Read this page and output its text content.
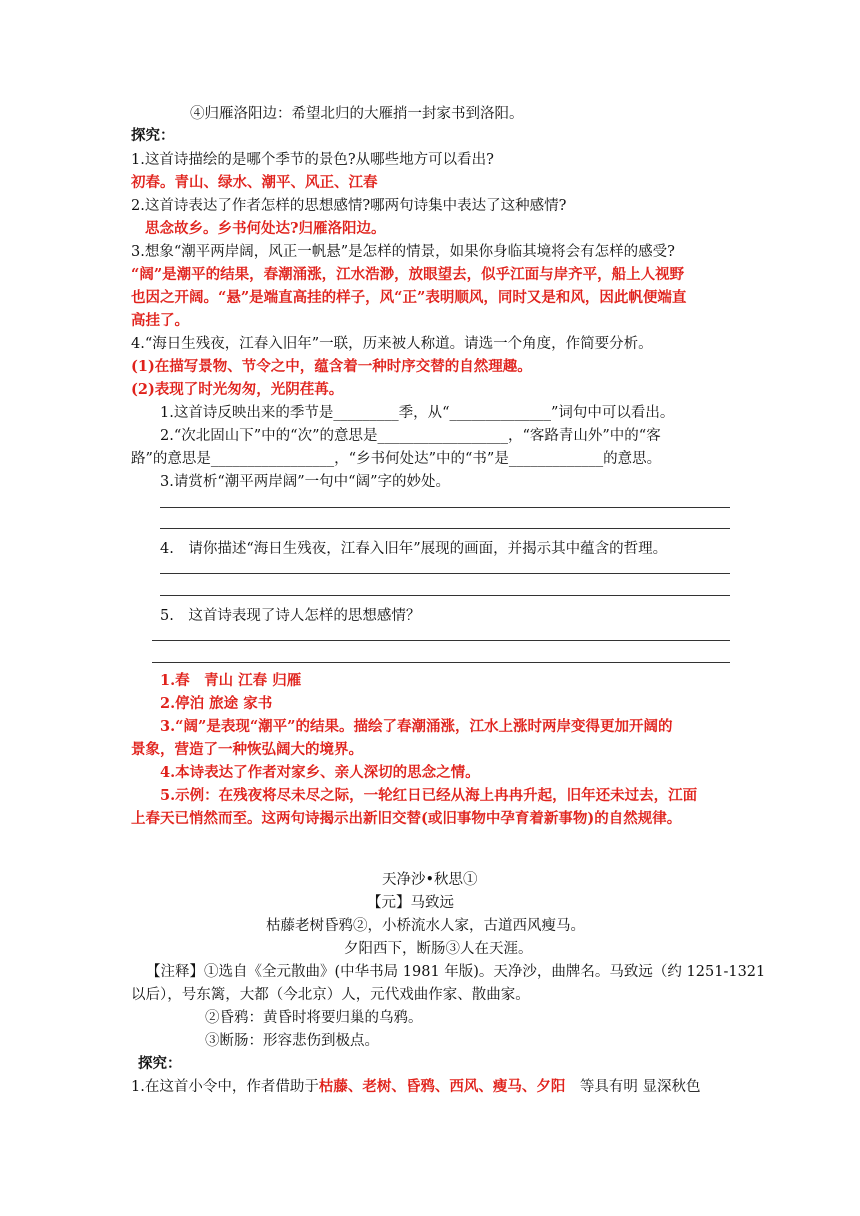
④归雁洛阳边：希望北归的大雁捎一封家书到洛阳。
探究：
1.这首诗描绘的是哪个季节的景色?从哪些地方可以看出?
初春。青山、绿水、潮平、风正、江春
2.这首诗表达了作者怎样的思想感情?哪两句诗集中表达了这种感情?
思念故乡。乡书何处达?归雁洛阳边。
3.想象“潮平两岸阔，风正一帆悬”是怎样的情景，如果你身临其境将会有怎样的感受?
“阔”是潮平的结果，春潮涌涨，江水浩渺，放眼望去，似乎江面与岸齐平，船上人视野
也因之开阔。“悬”是端直高挂的样子，风“正”表明顺风，同时又是和风，因此帆便端直
高挂了。
4.“海日生残夜，江春入旧年”一联，历来被人称道。请选一个角度，作简要分析。
(1)在描写景物、节令之中，蕴含着一种时序交替的自然理趣。
(2)表现了时光匆匆，光阴荏苒。
1.这首诗反映出来的季节是_________季，从“______________”词句中可以看出。
2.“次北固山下”中的“次”的意思是__________________，“客路青山外”中的“客
路”的意思是_________________，“乡书何处达”中的“书”是_____________的意思。
3.请赏析“潮平两岸阔”一句中“阔”字的妙处。
4.　请你描述“海日生残夜，江春入旧年”展现的画面，并揭示其中蕴含的哲理。
5.　这首诗表现了诗人怎样的思想感情？
1.春　青山 江春 归雁
2.停泊 旅途 家书
3.“阔”是表现“潮平”的结果。描绘了春潮涌涨，江水上涨时两岸变得更加开阔的
景象，营造了一种恢弘阔大的境界。
4.本诗表达了作者对家乡、亲人深切的思念之情。
5.示例：在残夜将尽未尽之际，一轮红日已经从海上冉冉升起，旧年还未过去，江面
上春天已悄然而至。这两句诗揭示出新旧交替(或旧事物中孕育着新事物)的自然规律。
天净沙•秋思①
【元】马致远
枯藤老树昏鸦②，小桥流水人家，古道西风瘦马。
夕阳西下，断肠③人在天涯。
【注释】①选自《全元散曲》(中华书局 1981 年版)。天净沙，曲牌名。马致远（约 1251-1321
以后），号东篱，大都（今北京）人，元代戏曲作家、散曲家。
②昏鸦：黄昏时将要归巢的乌鸦。
③断肠：形容悲伤到极点。
探究：
1.在这首小令中，作者借助于枯藤、老树、昏鸦、西风、瘦马、夕阳　等具有明 显深秋色
